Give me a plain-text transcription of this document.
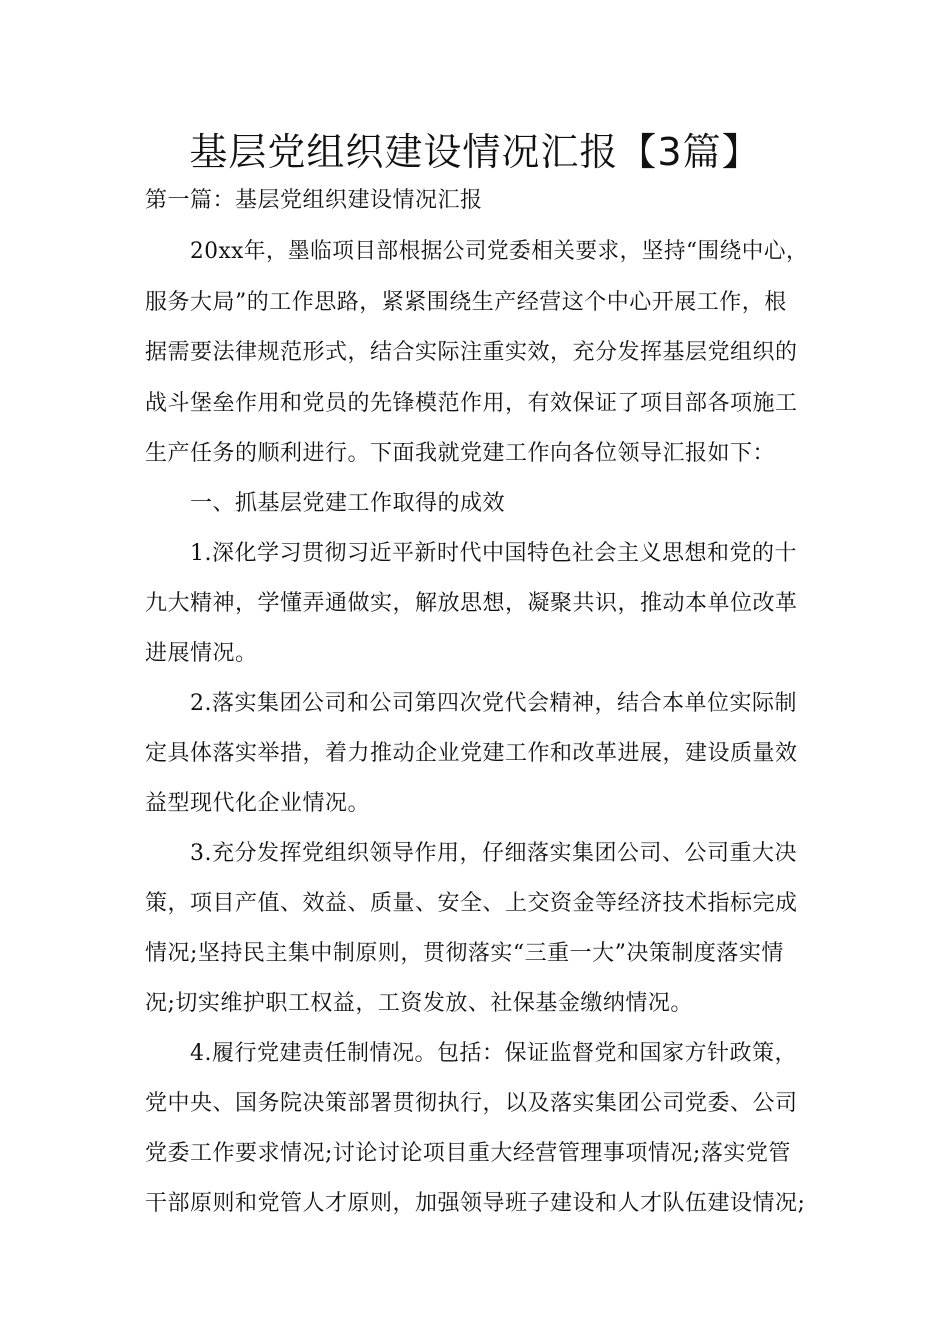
基层党组织建设情况汇报【3篇】
第一篇：基层党组织建设情况汇报
20xx年，墨临项目部根据公司党委相关要求，坚持“围绕中心，
服务大局”的工作思路，紧紧围绕生产经营这个中心开展工作，根
据需要法律规范形式，结合实际注重实效，充分发挥基层党组织的
战斗堡垒作用和党员的先锋模范作用，有效保证了项目部各项施工
生产任务的顺利进行。下面我就党建工作向各位领导汇报如下：
一、抓基层党建工作取得的成效
1.深化学习贯彻习近平新时代中国特色社会主义思想和党的十
九大精神，学懂弄通做实，解放思想，凝聚共识，推动本单位改革
进展情况。
2.落实集团公司和公司第四次党代会精神，结合本单位实际制
定具体落实举措，着力推动企业党建工作和改革进展，建设质量效
益型现代化企业情况。
3.充分发挥党组织领导作用，仔细落实集团公司、公司重大决
策，项目产值、效益、质量、安全、上交资金等经济技术指标完成
情况;坚持民主集中制原则，贯彻落实“三重一大”决策制度落实情
况;切实维护职工权益，工资发放、社保基金缴纳情况。
4.履行党建责任制情况。包括：保证监督党和国家方针政策，
党中央、国务院决策部署贯彻执行，以及落实集团公司党委、公司
党委工作要求情况;讨论讨论项目重大经营管理事项情况;落实党管
干部原则和党管人才原则，加强领导班子建设和人才队伍建设情况;
